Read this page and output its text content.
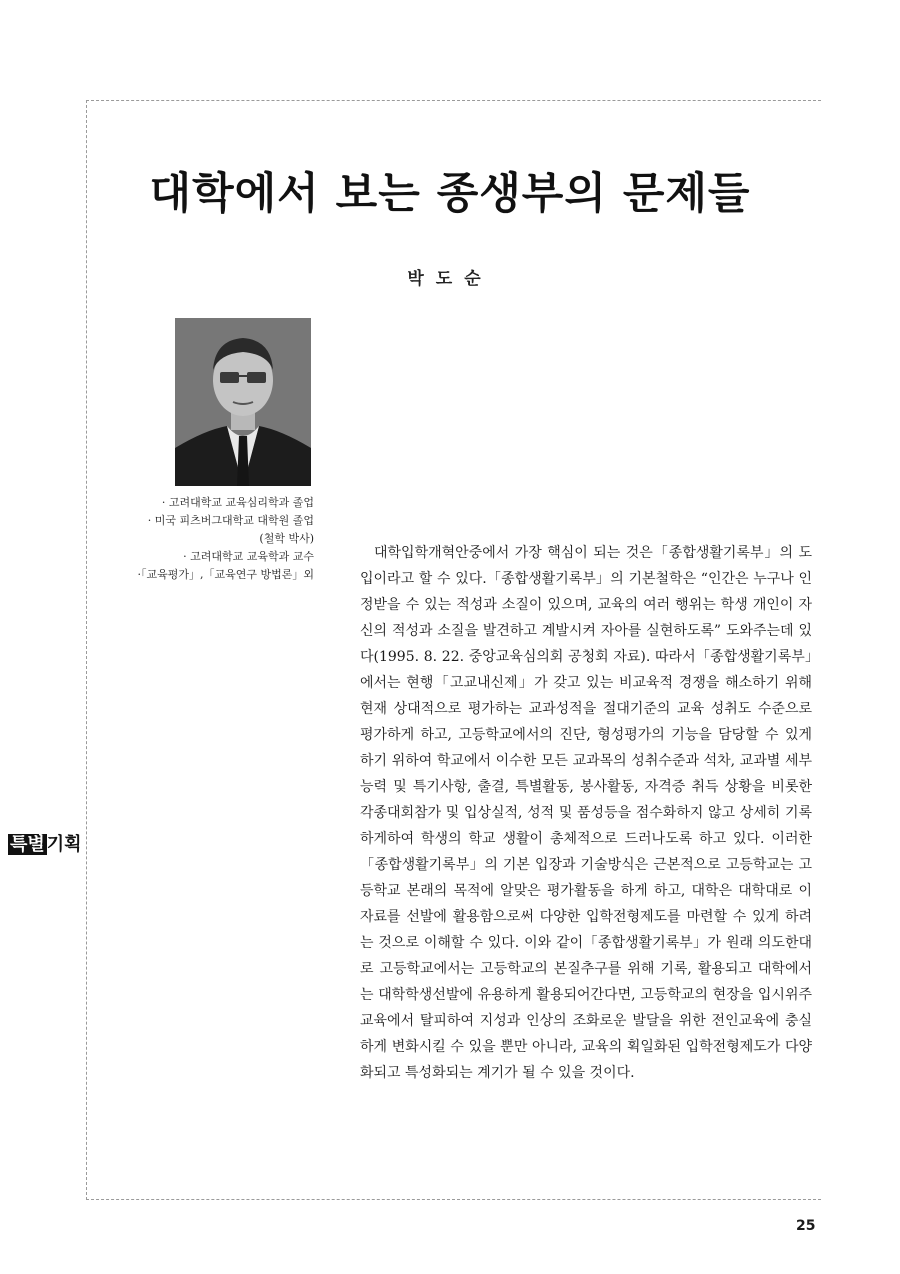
대학에서 보는 종생부의 문제들
박도순
· 고려대학교 교육심리학과 졸업
· 미국 피츠버그대학교 대학원 졸업
(철학 박사)
· 고려대학교 교육학과 교수
·「교육평가」,「교육연구 방법론」외
특별 기획

대학입학개혁안중에서 가장 핵심이 되는 것은「종합생활기록부」의 도입이라고 할 수 있다.「종합생활기록부」의 기본철학은 “인간은 누구나 인정받을 수 있는 적성과 소질이 있으며, 교육의 여러 행위는 학생 개인이 자신의 적성과 소질을 발견하고 계발시켜 자아를 실현하도록” 도와주는데 있다(1995. 8. 22. 중앙교육심의회 공청회 자료). 따라서「종합생활기록부」에서는 현행「고교내신제」가 갖고 있는 비교육적 경쟁을 해소하기 위해 현재 상대적으로 평가하는 교과성적을 절대기준의 교육 성취도 수준으로 평가하게 하고, 고등학교에서의 진단, 형성평가의 기능을 담당할 수 있게 하기 위하여 학교에서 이수한 모든 교과목의 성취수준과 석차, 교과별 세부능력 및 특기사항, 출결, 특별활동, 봉사활동, 자격증 취득 상황을 비롯한 각종대회참가 및 입상실적, 성적 및 품성등을 점수화하지 않고 상세히 기록하게하여 학생의 학교 생활이 총체적으로 드러나도록 하고 있다. 이러한「종합생활기록부」의 기본 입장과 기술방식은 근본적으로 고등학교는 고등학교 본래의 목적에 알맞은 평가활동을 하게 하고, 대학은 대학대로 이 자료를 선발에 활용함으로써 다양한 입학전형제도를 마련할 수 있게 하려는 것으로 이해할 수 있다. 이와 같이「종합생활기록부」가 원래 의도한대로 고등학교에서는 고등학교의 본질추구를 위해 기록, 활용되고 대학에서는 대학학생선발에 유용하게 활용되어간다면, 고등학교의 현장을 입시위주교육에서 탈피하여 지성과 인상의 조화로운 발달을 위한 전인교육에 충실하게 변화시킬 수 있을 뿐만 아니라, 교육의 획일화된 입학전형제도가 다양화되고 특성화되는 계기가 될 수 있을 것이다.

25
